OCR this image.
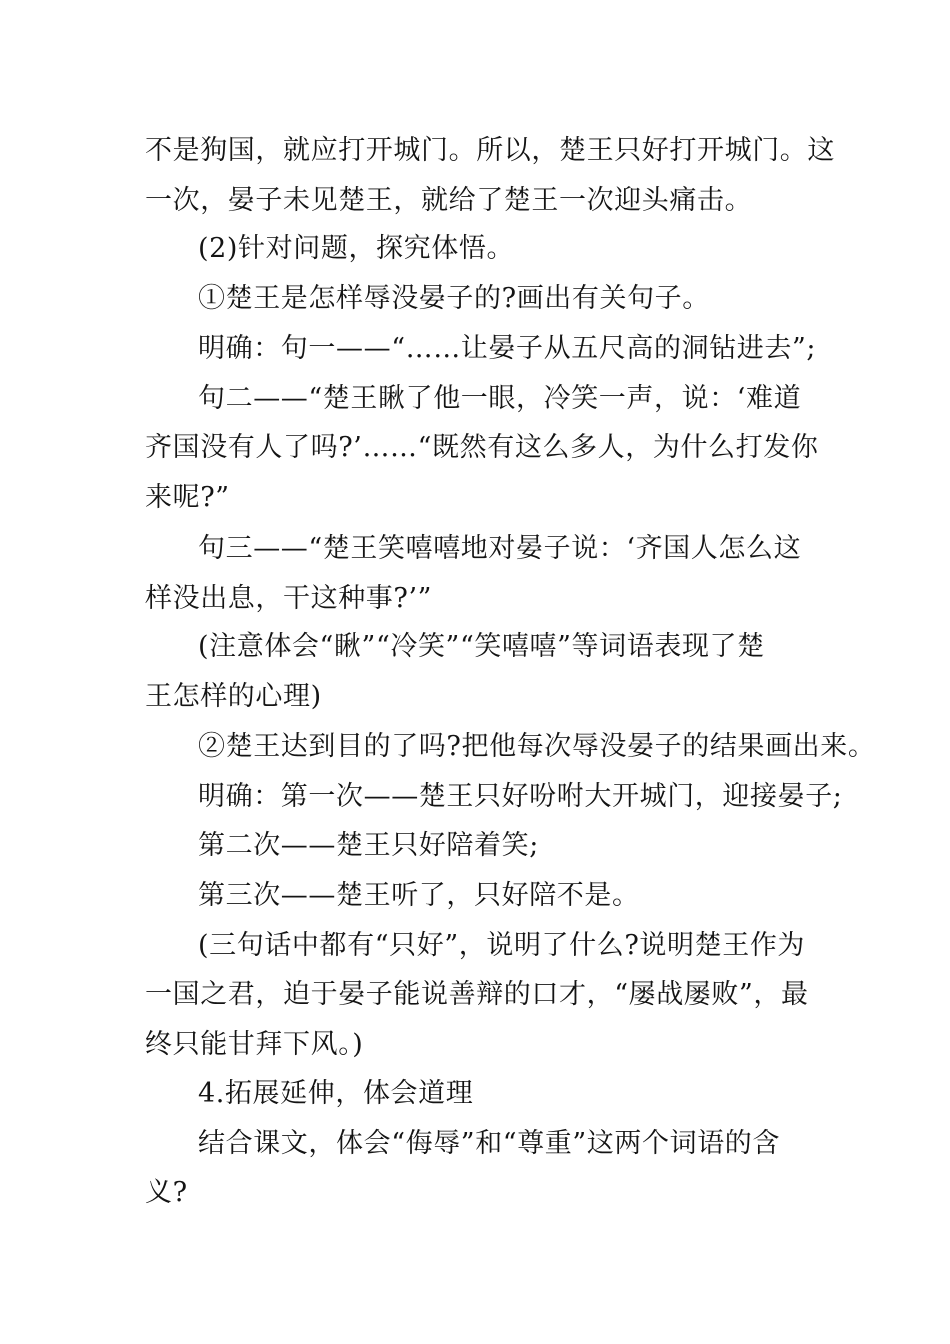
不是狗国，就应打开城门。所以，楚王只好打开城门。这
一次，晏子未见楚王，就给了楚王一次迎头痛击。
(2)针对问题，探究体悟。
①楚王是怎样辱没晏子的?画出有关句子。
明确：句一——“……让晏子从五尺高的洞钻进去”;
句二——“楚王瞅了他一眼，冷笑一声，说：‘难道
齐国没有人了吗?’……“既然有这么多人，为什么打发你
来呢?”
句三——“楚王笑嘻嘻地对晏子说：‘齐国人怎么这
样没出息，干这种事?’”
(注意体会“瞅”“冷笑”“笑嘻嘻”等词语表现了楚
王怎样的心理)
②楚王达到目的了吗?把他每次辱没晏子的结果画出来。
明确：第一次——楚王只好吩咐大开城门，迎接晏子;
第二次——楚王只好陪着笑;
第三次——楚王听了，只好陪不是。
(三句话中都有“只好”，说明了什么?说明楚王作为
一国之君，迫于晏子能说善辩的口才，“屡战屡败”，最
终只能甘拜下风。)
4.拓展延伸，体会道理
结合课文，体会“侮辱”和“尊重”这两个词语的含
义?
